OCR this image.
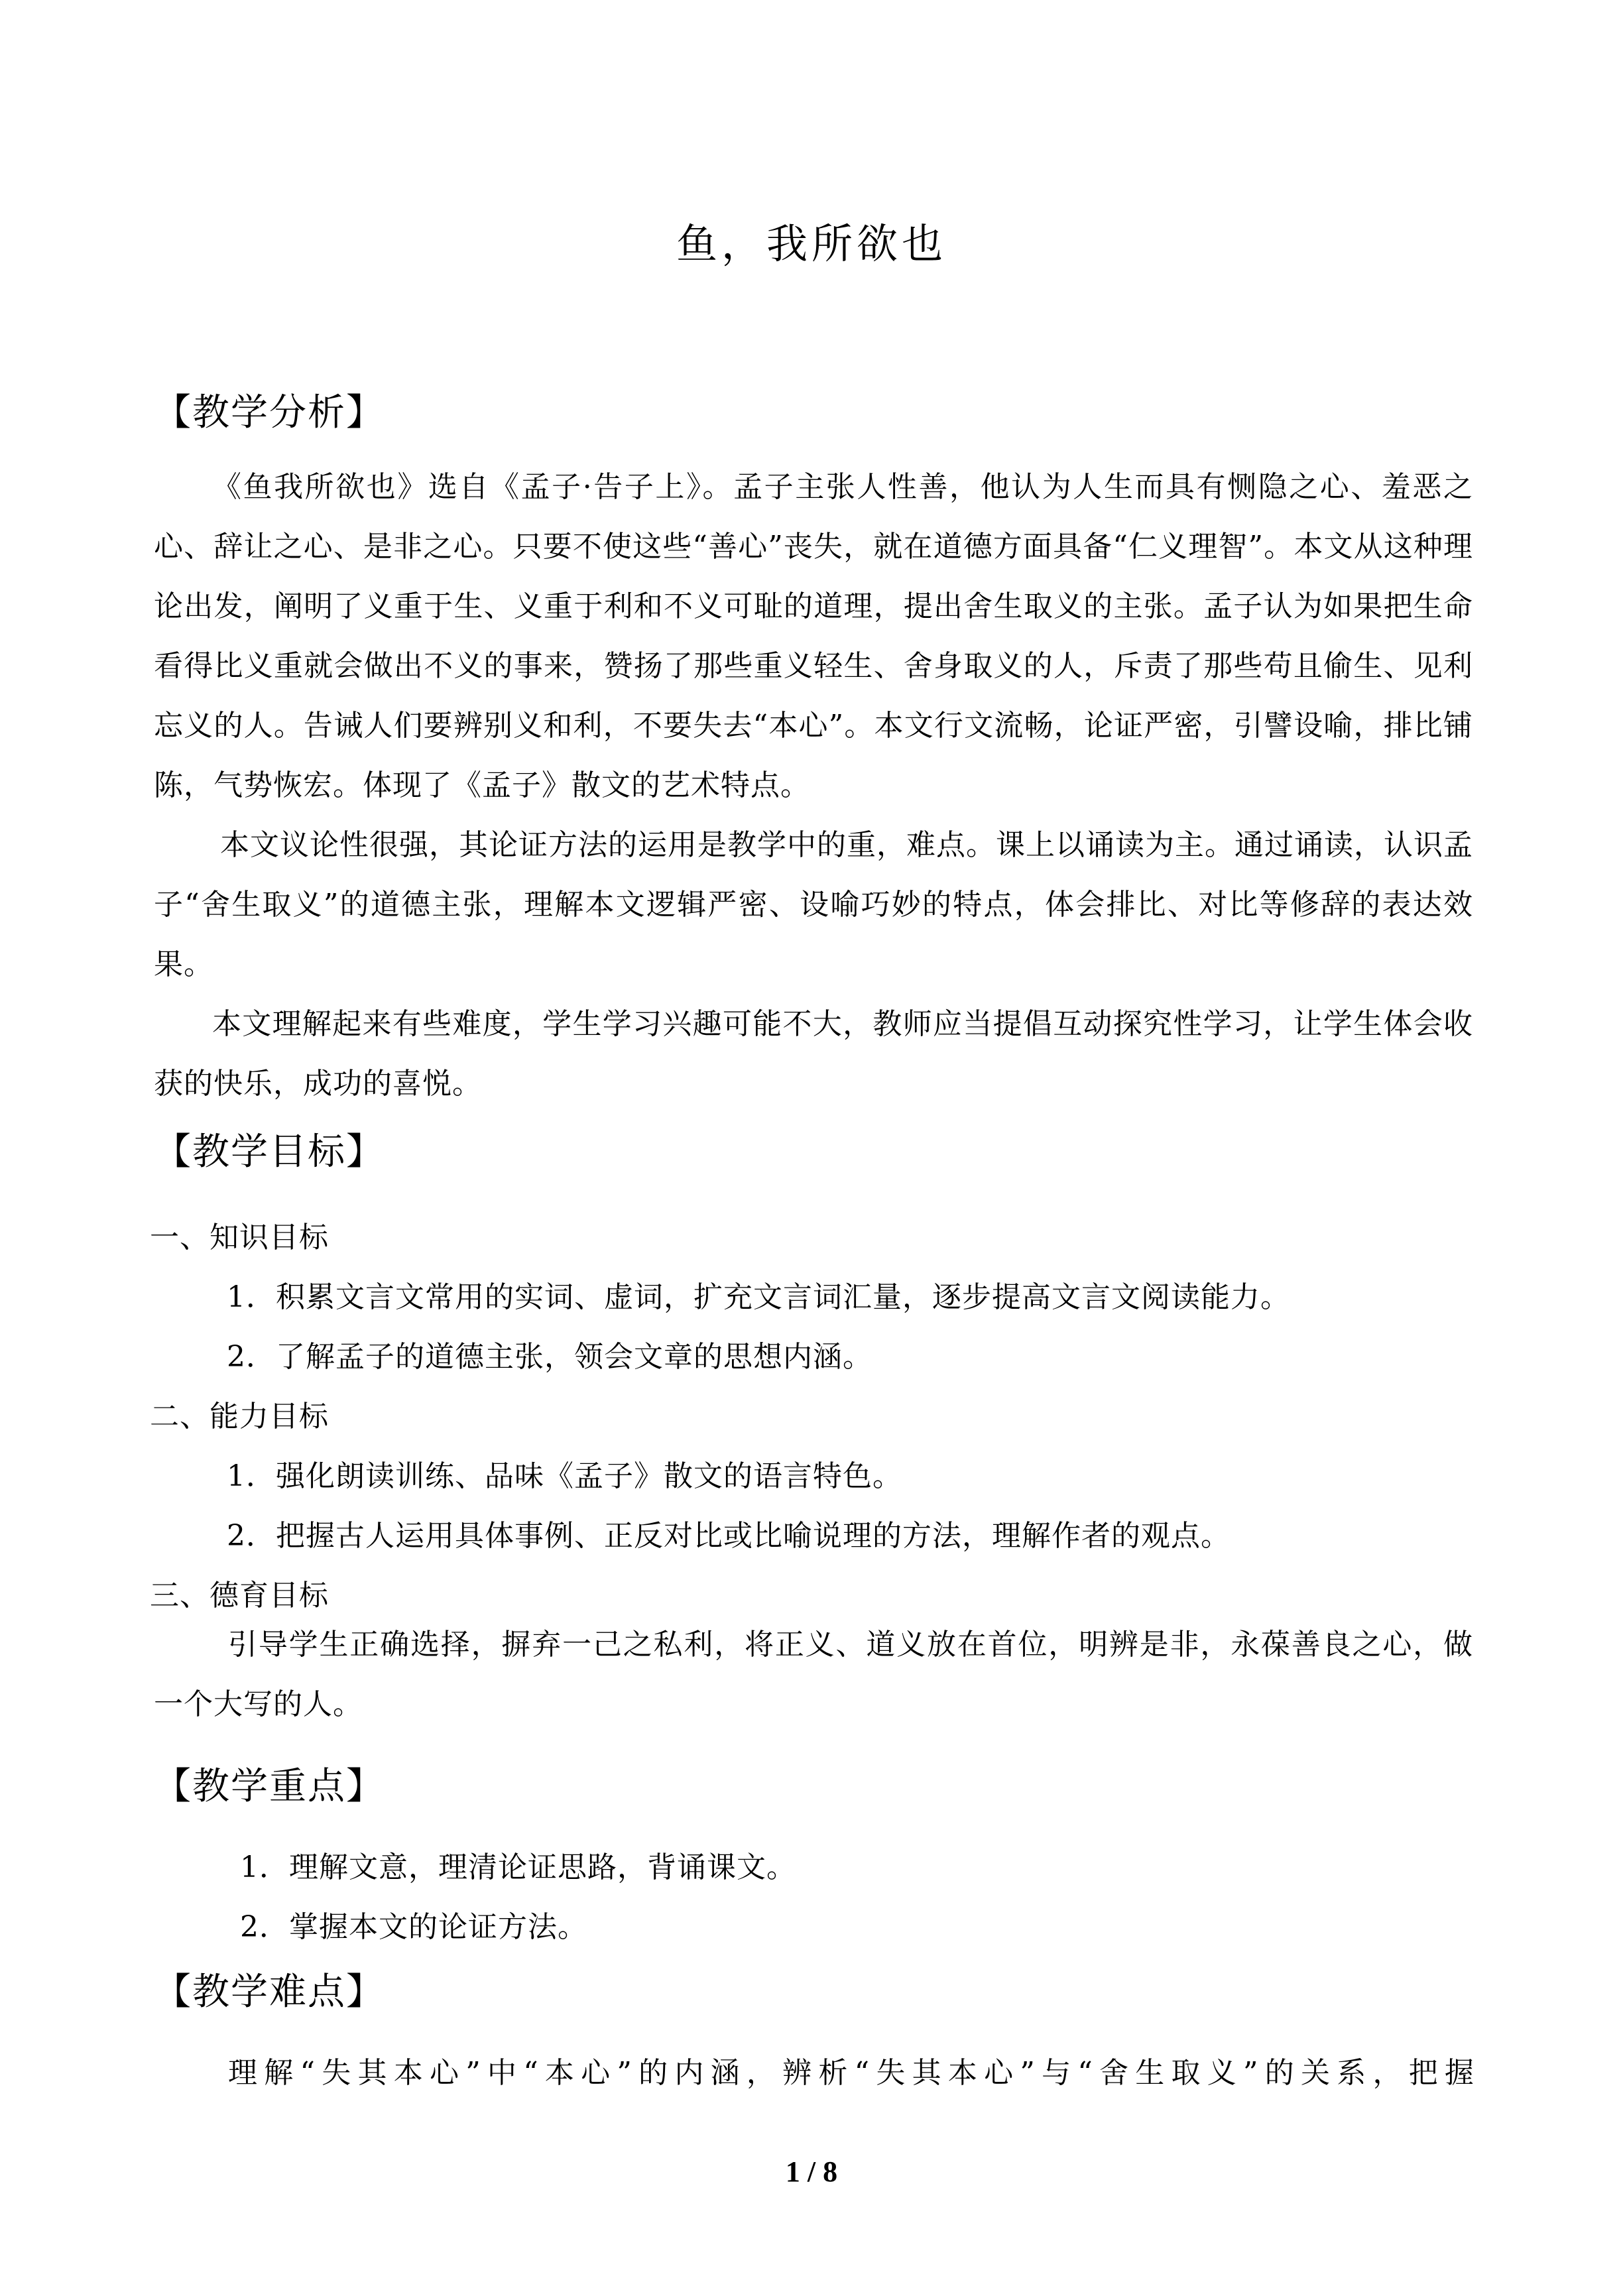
鱼，我所欲也
【教学分析】
《鱼我所欲也》选自《孟子·告子上》。孟子主张人性善，他认为人生而具有恻隐之心、羞恶之心、辞让之心、是非之心。只要不使这些“善心”丧失，就在道德方面具备“仁义理智”。本文从这种理论出发，阐明了义重于生、义重于利和不义可耻的道理，提出舍生取义的主张。孟子认为如果把生命看得比义重就会做出不义的事来，赞扬了那些重义轻生、舍身取义的人，斥责了那些苟且偷生、见利忘义的人。告诫人们要辨别义和利，不要失去“本心”。本文行文流畅，论证严密，引譬设喻，排比铺陈，气势恢宏。体现了《孟子》散文的艺术特点。
本文议论性很强，其论证方法的运用是教学中的重，难点。课上以诵读为主。通过诵读，认识孟子“舍生取义”的道德主张，理解本文逻辑严密、设喻巧妙的特点，体会排比、对比等修辞的表达效果。
本文理解起来有些难度，学生学习兴趣可能不大，教师应当提倡互动探究性学习，让学生体会收获的快乐，成功的喜悦。
【教学目标】
一、知识目标
1．积累文言文常用的实词、虚词，扩充文言词汇量，逐步提高文言文阅读能力。
2．了解孟子的道德主张，领会文章的思想内涵。
二、能力目标
1．强化朗读训练、品味《孟子》散文的语言特色。
2．把握古人运用具体事例、正反对比或比喻说理的方法，理解作者的观点。
三、德育目标
引导学生正确选择，摒弃一己之私利，将正义、道义放在首位，明辨是非，永葆善良之心，做一个大写的人。
【教学重点】
1．理解文意，理清论证思路，背诵课文。
2．掌握本文的论证方法。
【教学难点】
理解“失其本心”中“本心”的内涵，辨析“失其本心”与“舍生取义”的关系，把握
1 / 8
